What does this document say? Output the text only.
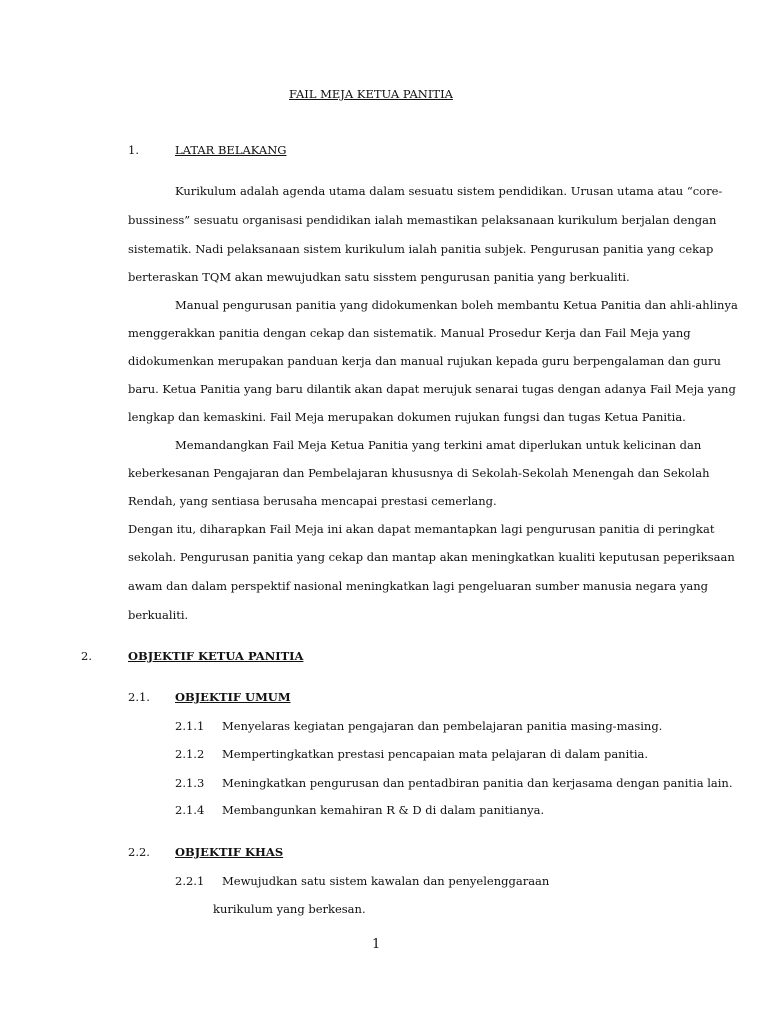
FAIL MEJA KETUA PANITIA
1.	LATAR BELAKANG
Kurikulum adalah agenda utama dalam sesuatu sistem pendidikan. Urusan utama atau “core-
bussiness” sesuatu organisasi pendidikan ialah memastikan pelaksanaan kurikulum berjalan dengan
sistematik. Nadi pelaksanaan sistem kurikulum ialah panitia subjek. Pengurusan panitia yang cekap
berteraskan TQM akan mewujudkan satu sisstem pengurusan panitia yang berkualiti.
Manual pengurusan panitia yang didokumenkan boleh membantu Ketua Panitia dan ahli-ahlinya
menggerakkan panitia dengan cekap dan sistematik. Manual Prosedur Kerja dan Fail Meja yang
didokumenkan merupakan panduan kerja dan manual rujukan kepada guru berpengalaman dan guru
baru. Ketua Panitia yang baru dilantik akan dapat merujuk senarai tugas dengan adanya Fail Meja yang
lengkap dan kemaskini. Fail Meja merupakan dokumen rujukan fungsi dan tugas Ketua Panitia.
Memandangkan Fail Meja Ketua Panitia yang terkini amat diperlukan untuk kelicinan dan
keberkesanan Pengajaran dan Pembelajaran khususnya di Sekolah-Sekolah Menengah dan Sekolah
Rendah, yang sentiasa berusaha mencapai prestasi cemerlang.
Dengan itu, diharapkan Fail Meja ini akan dapat memantapkan lagi pengurusan panitia di peringkat
sekolah. Pengurusan panitia yang cekap dan mantap akan meningkatkan kualiti keputusan peperiksaan
awam dan dalam perspektif nasional meningkatkan lagi pengeluaran sumber manusia negara yang
berkualiti.
2.	OBJEKTIF KETUA PANITIA
2.1. OBJEKTIF UMUM
2.1.1 Menyelaras kegiatan pengajaran dan pembelajaran panitia masing-masing.
2.1.2 Mempertingkatkan prestasi pencapaian mata pelajaran di dalam panitia.
2.1.3 Meningkatkan pengurusan dan pentadbiran panitia dan kerjasama dengan panitia lain.
2.1.4 Membangunkan kemahiran R & D di dalam panitianya.
2.2. OBJEKTIF KHAS
2.2.1 Mewujudkan satu sistem kawalan dan penyelenggaraan
kurikulum yang berkesan.
1
